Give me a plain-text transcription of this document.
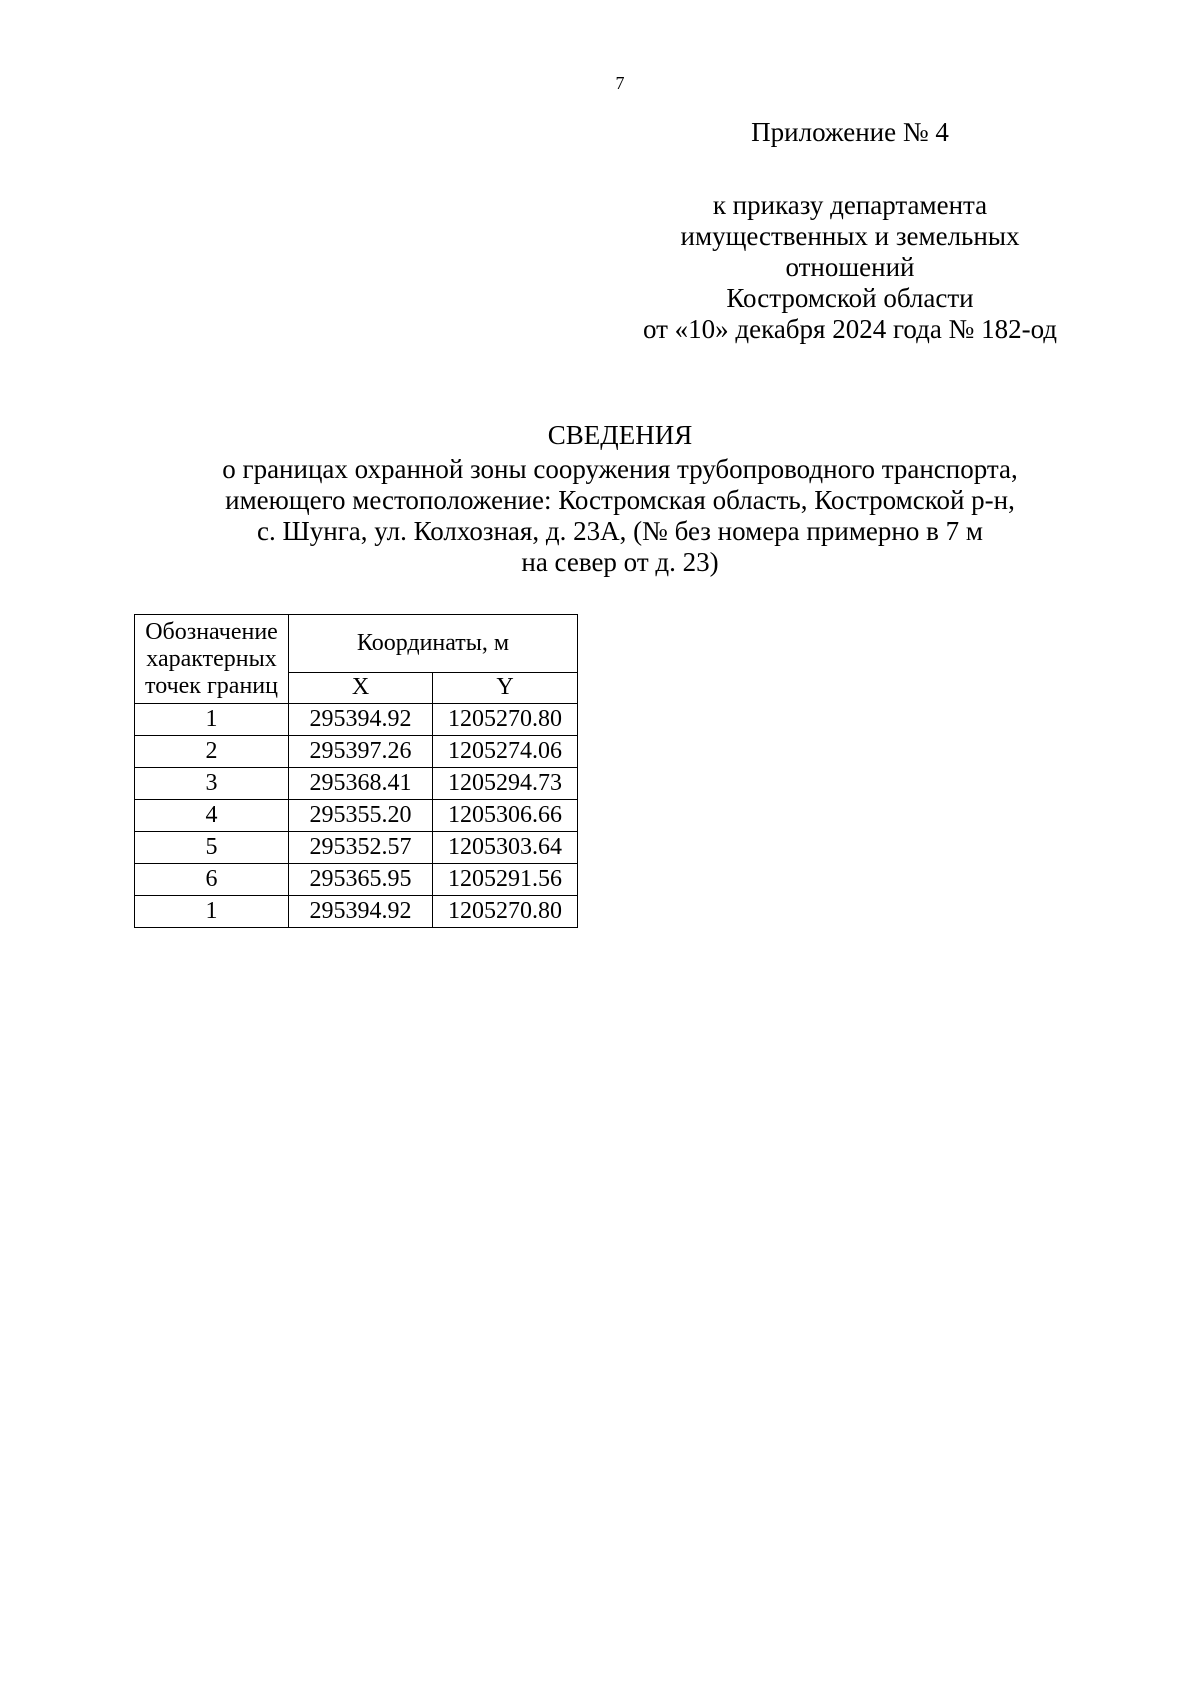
7
Приложение № 4
к приказу департамента
имущественных и земельных
отношений
Костромской области
от «10» декабря 2024 года № 182-од
СВЕДЕНИЯ
о границах охранной зоны сооружения трубопроводного транспорта,
имеющего местоположение: Костромская область, Костромской р-н,
с. Шунга, ул. Колхозная, д. 23А, (№ без номера примерно в 7 м
на север от д. 23)
Обозначение
характерных
точек границ	Координаты, м	
	X	Y
1	295394.92	1205270.80
2	295397.26	1205274.06
3	295368.41	1205294.73
4	295355.20	1205306.66
5	295352.57	1205303.64
6	295365.95	1205291.56
1	295394.92	1205270.80
